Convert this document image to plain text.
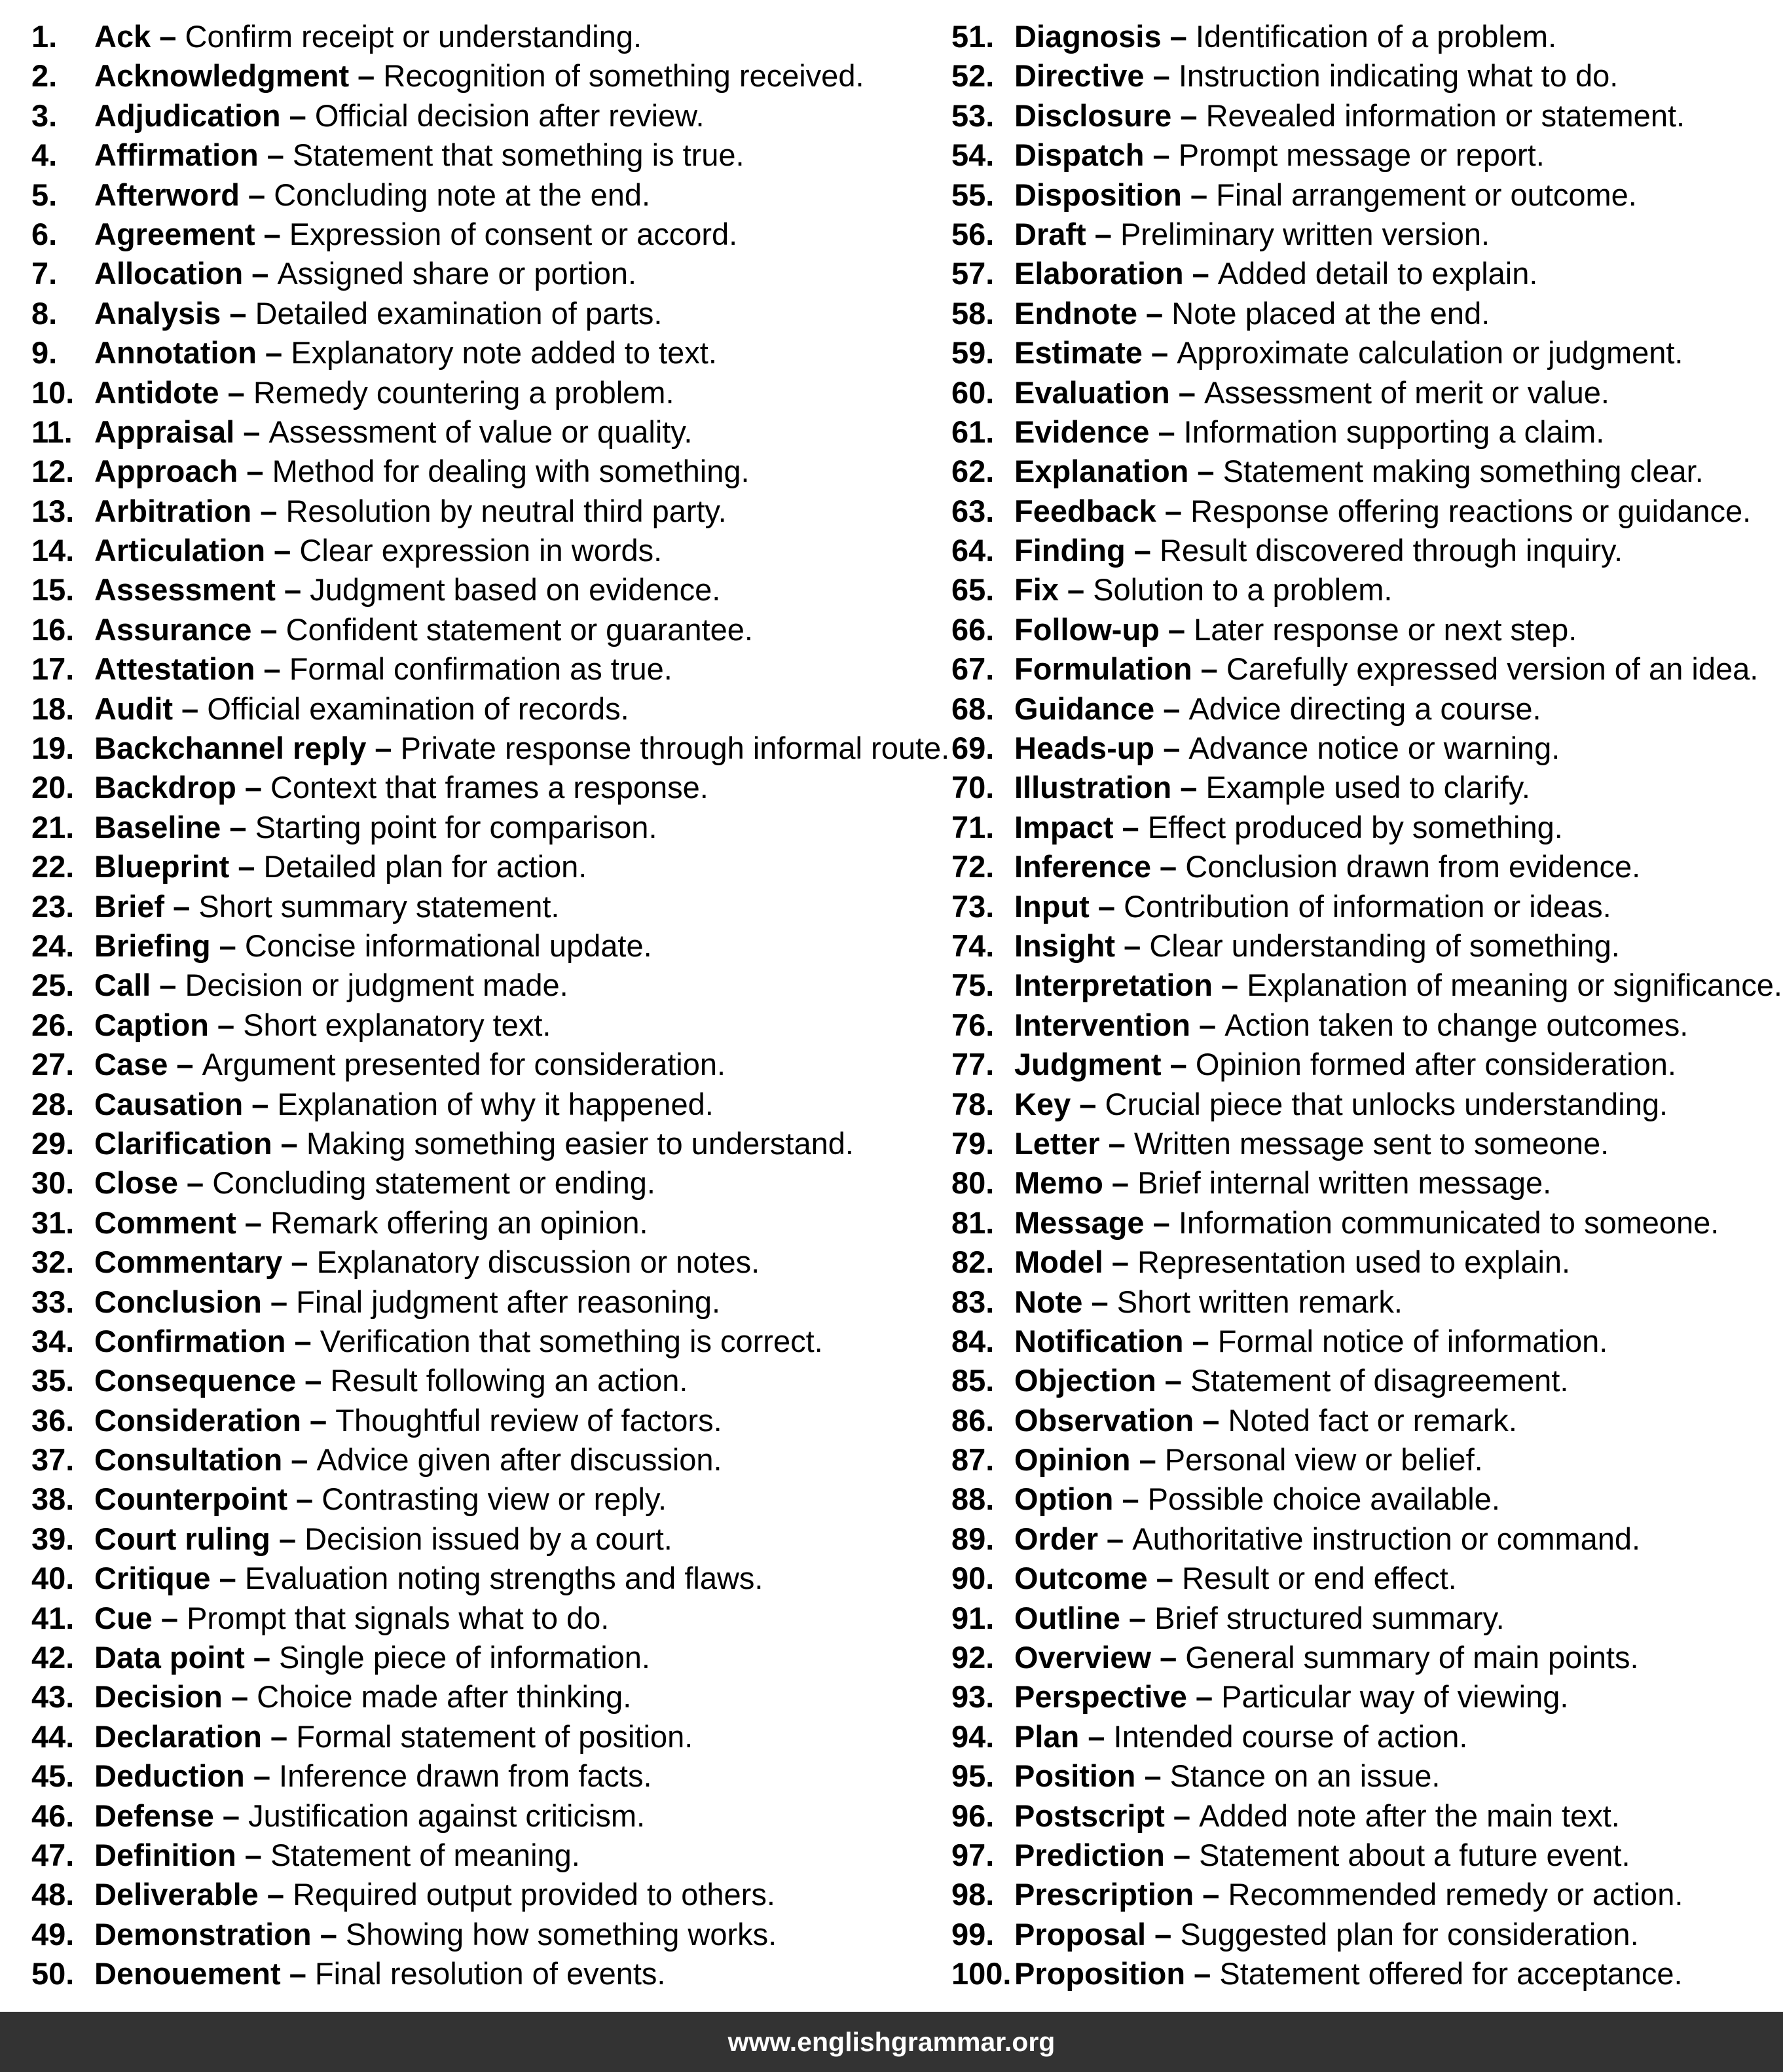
1. Ack – Confirm receipt or understanding.
2. Acknowledgment – Recognition of something received.
3. Adjudication – Official decision after review.
4. Affirmation – Statement that something is true.
5. Afterword – Concluding note at the end.
6. Agreement – Expression of consent or accord.
7. Allocation – Assigned share or portion.
8. Analysis – Detailed examination of parts.
9. Annotation – Explanatory note added to text.
10. Antidote – Remedy countering a problem.
11. Appraisal – Assessment of value or quality.
12. Approach – Method for dealing with something.
13. Arbitration – Resolution by neutral third party.
14. Articulation – Clear expression in words.
15. Assessment – Judgment based on evidence.
16. Assurance – Confident statement or guarantee.
17. Attestation – Formal confirmation as true.
18. Audit – Official examination of records.
19. Backchannel reply – Private response through informal route.
20. Backdrop – Context that frames a response.
21. Baseline – Starting point for comparison.
22. Blueprint – Detailed plan for action.
23. Brief – Short summary statement.
24. Briefing – Concise informational update.
25. Call – Decision or judgment made.
26. Caption – Short explanatory text.
27. Case – Argument presented for consideration.
28. Causation – Explanation of why it happened.
29. Clarification – Making something easier to understand.
30. Close – Concluding statement or ending.
31. Comment – Remark offering an opinion.
32. Commentary – Explanatory discussion or notes.
33. Conclusion – Final judgment after reasoning.
34. Confirmation – Verification that something is correct.
35. Consequence – Result following an action.
36. Consideration – Thoughtful review of factors.
37. Consultation – Advice given after discussion.
38. Counterpoint – Contrasting view or reply.
39. Court ruling – Decision issued by a court.
40. Critique – Evaluation noting strengths and flaws.
41. Cue – Prompt that signals what to do.
42. Data point – Single piece of information.
43. Decision – Choice made after thinking.
44. Declaration – Formal statement of position.
45. Deduction – Inference drawn from facts.
46. Defense – Justification against criticism.
47. Definition – Statement of meaning.
48. Deliverable – Required output provided to others.
49. Demonstration – Showing how something works.
50. Denouement – Final resolution of events.
51. Diagnosis – Identification of a problem.
52. Directive – Instruction indicating what to do.
53. Disclosure – Revealed information or statement.
54. Dispatch – Prompt message or report.
55. Disposition – Final arrangement or outcome.
56. Draft – Preliminary written version.
57. Elaboration – Added detail to explain.
58. Endnote – Note placed at the end.
59. Estimate – Approximate calculation or judgment.
60. Evaluation – Assessment of merit or value.
61. Evidence – Information supporting a claim.
62. Explanation – Statement making something clear.
63. Feedback – Response offering reactions or guidance.
64. Finding – Result discovered through inquiry.
65. Fix – Solution to a problem.
66. Follow-up – Later response or next step.
67. Formulation – Carefully expressed version of an idea.
68. Guidance – Advice directing a course.
69. Heads-up – Advance notice or warning.
70. Illustration – Example used to clarify.
71. Impact – Effect produced by something.
72. Inference – Conclusion drawn from evidence.
73. Input – Contribution of information or ideas.
74. Insight – Clear understanding of something.
75. Interpretation – Explanation of meaning or significance.
76. Intervention – Action taken to change outcomes.
77. Judgment – Opinion formed after consideration.
78. Key – Crucial piece that unlocks understanding.
79. Letter – Written message sent to someone.
80. Memo – Brief internal written message.
81. Message – Information communicated to someone.
82. Model – Representation used to explain.
83. Note – Short written remark.
84. Notification – Formal notice of information.
85. Objection – Statement of disagreement.
86. Observation – Noted fact or remark.
87. Opinion – Personal view or belief.
88. Option – Possible choice available.
89. Order – Authoritative instruction or command.
90. Outcome – Result or end effect.
91. Outline – Brief structured summary.
92. Overview – General summary of main points.
93. Perspective – Particular way of viewing.
94. Plan – Intended course of action.
95. Position – Stance on an issue.
96. Postscript – Added note after the main text.
97. Prediction – Statement about a future event.
98. Prescription – Recommended remedy or action.
99. Proposal – Suggested plan for consideration.
100.Proposition – Statement offered for acceptance.
www.englishgrammar.org
